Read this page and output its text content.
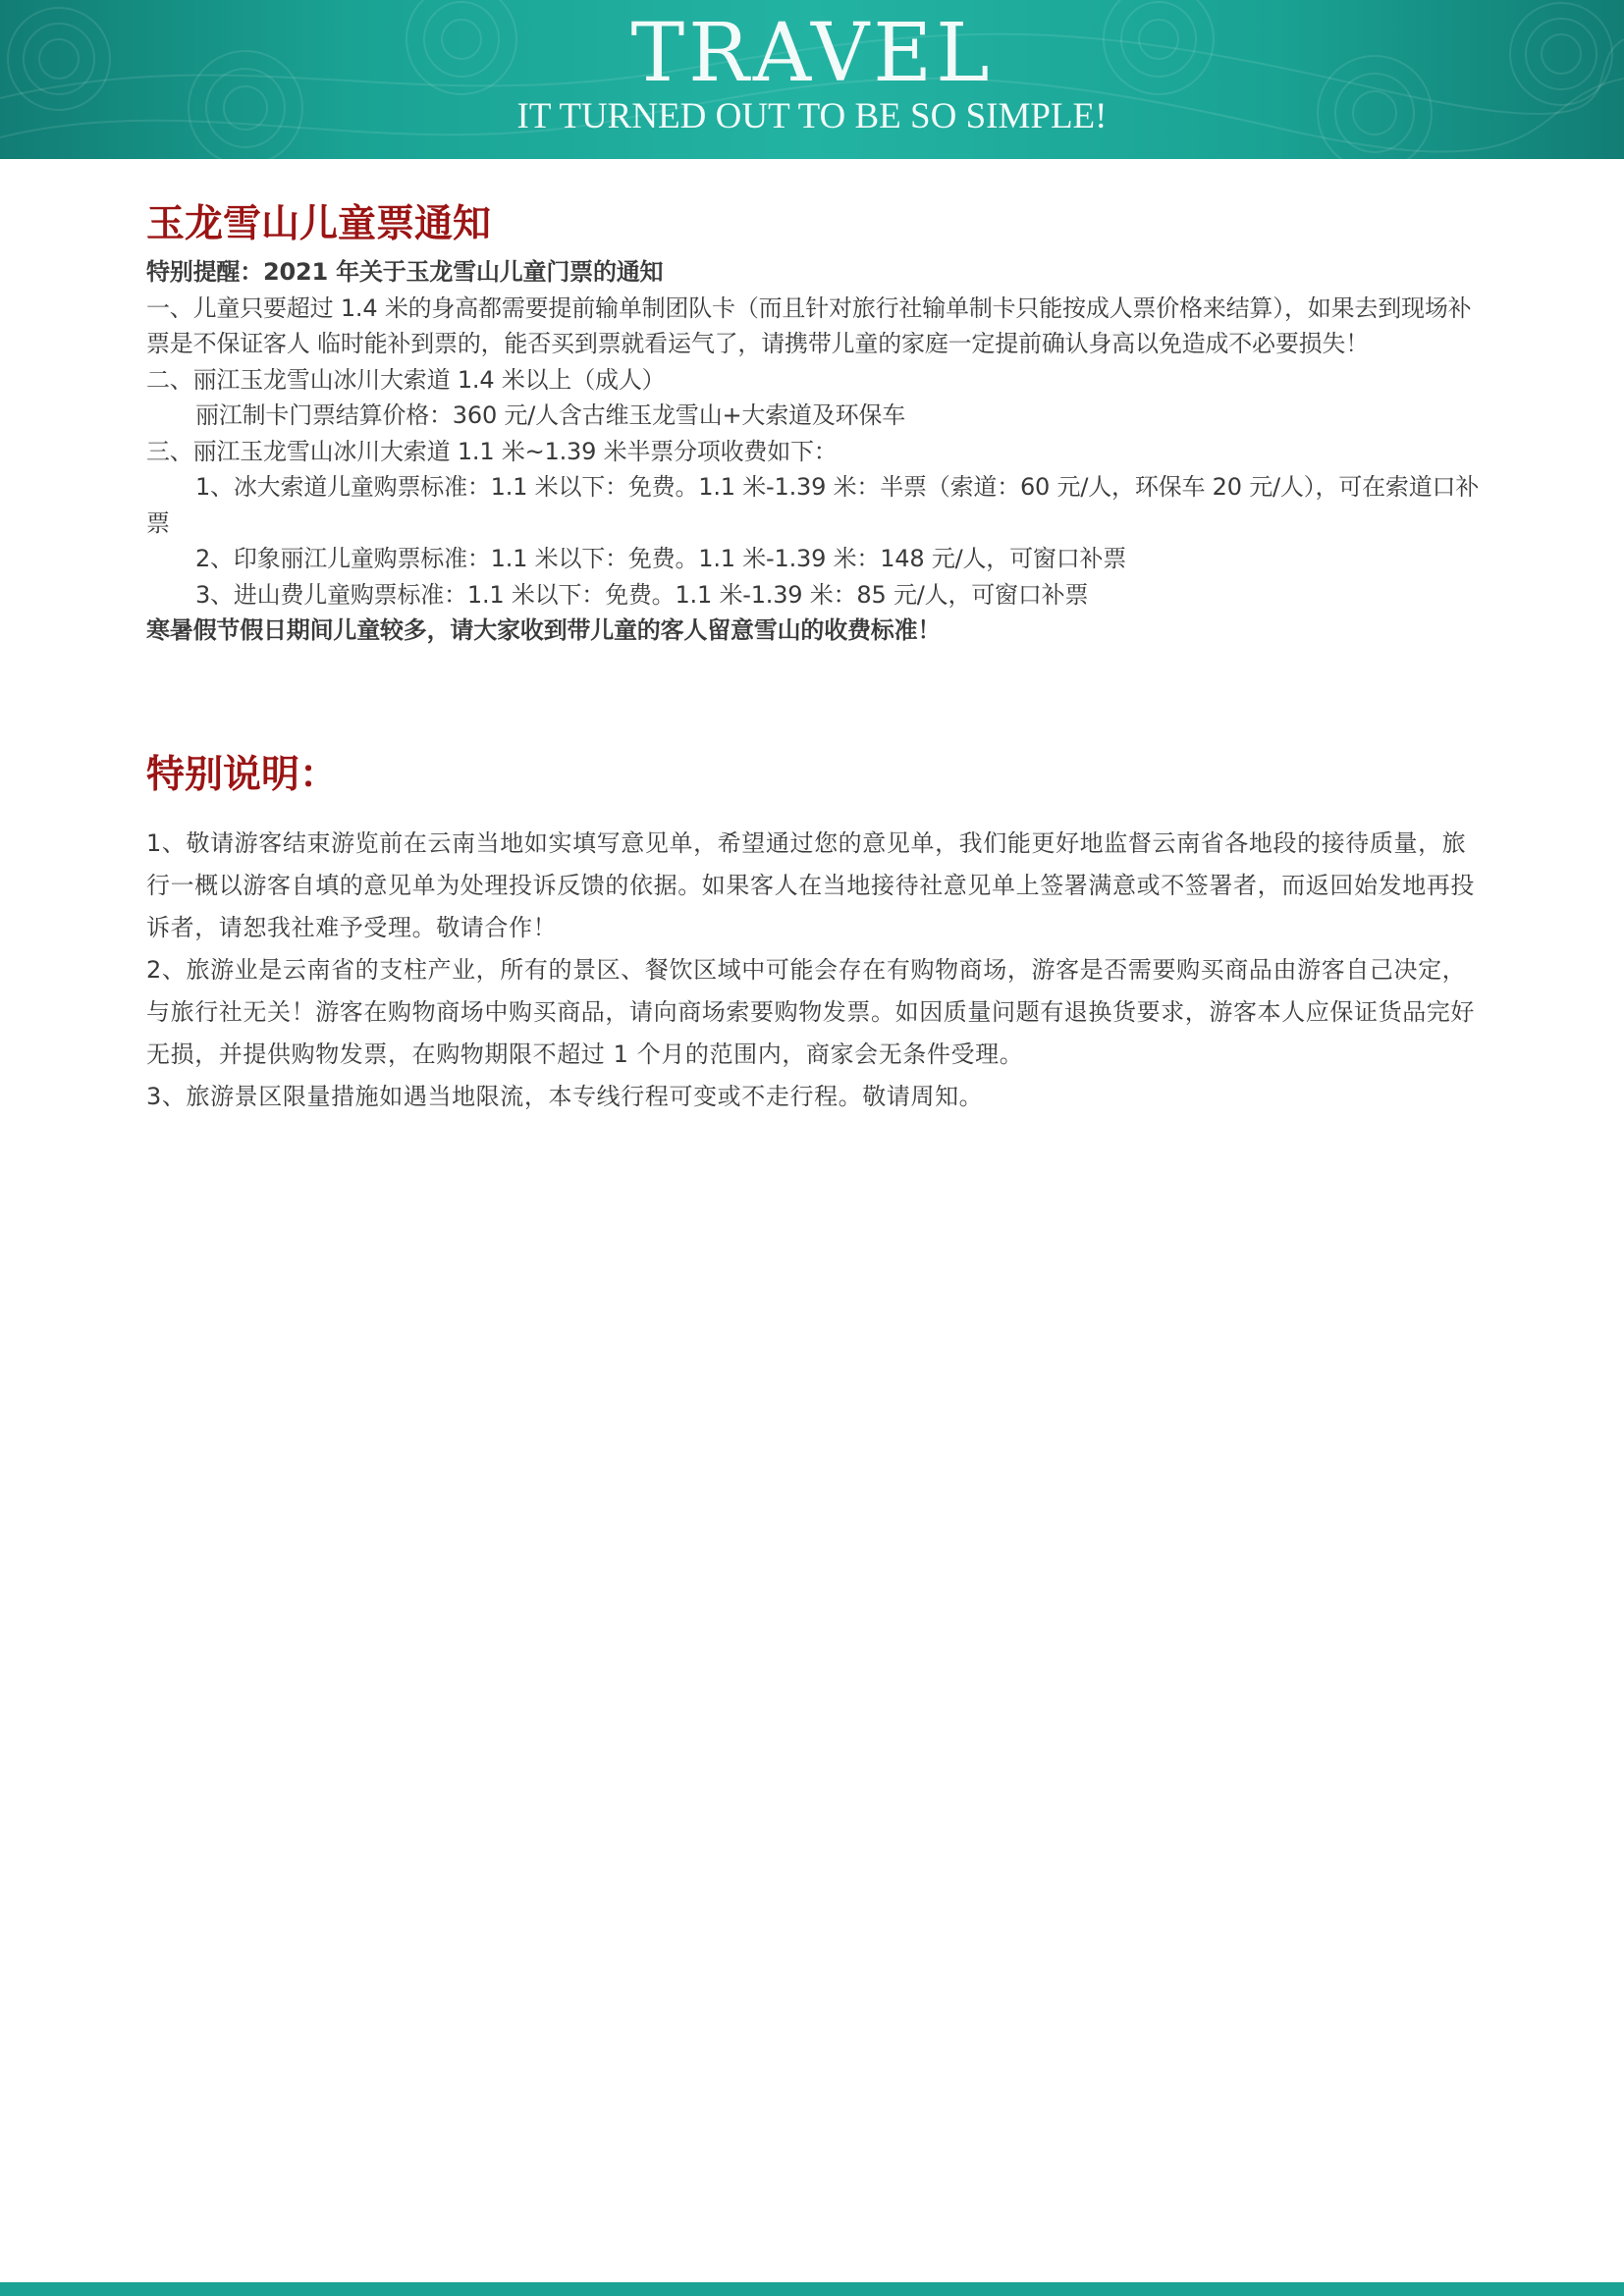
TRAVEL
IT TURNED OUT TO BE SO SIMPLE!
玉龙雪山儿童票通知

特别提醒：2021 年关于玉龙雪山儿童门票的通知

一、儿童只要超过 1.4 米的身高都需要提前输单制团队卡（而且针对旅行社输单制卡只能按成人票价格来结算），如果去到现场补票是不保证客人 临时能补到票的，能否买到票就看运气了，请携带儿童的家庭一定提前确认身高以免造成不必要损失！

二、丽江玉龙雪山冰川大索道 1.4 米以上（成人）

丽江制卡门票结算价格：360 元/人含古维玉龙雪山+大索道及环保车

三、丽江玉龙雪山冰川大索道 1.1 米~1.39 米半票分项收费如下：

1、冰大索道儿童购票标准：1.1 米以下：免费。1.1 米-1.39 米：半票（索道：60 元/人，环保车 20 元/人），可在索道口补票

2、印象丽江儿童购票标准：1.1 米以下：免费。1.1 米-1.39 米：148 元/人，可窗口补票

3、进山费儿童购票标准：1.1 米以下：免费。1.1 米-1.39 米：85 元/人，可窗口补票

寒暑假节假日期间儿童较多，请大家收到带儿童的客人留意雪山的收费标准！

特别说明：

1、敬请游客结束游览前在云南当地如实填写意见单，希望通过您的意见单，我们能更好地监督云南省各地段的接待质量，旅行一概以游客自填的意见单为处理投诉反馈的依据。如果客人在当地接待社意见单上签署满意或不签署者，而返回始发地再投诉者，请恕我社难予受理。敬请合作！

2、旅游业是云南省的支柱产业，所有的景区、餐饮区域中可能会存在有购物商场，游客是否需要购买商品由游客自己决定，与旅行社无关！游客在购物商场中购买商品，请向商场索要购物发票。如因质量问题有退换货要求，游客本人应保证货品完好无损，并提供购物发票，在购物期限不超过 1 个月的范围内，商家会无条件受理。

3、旅游景区限量措施如遇当地限流，本专线行程可变或不走行程。敬请周知。
